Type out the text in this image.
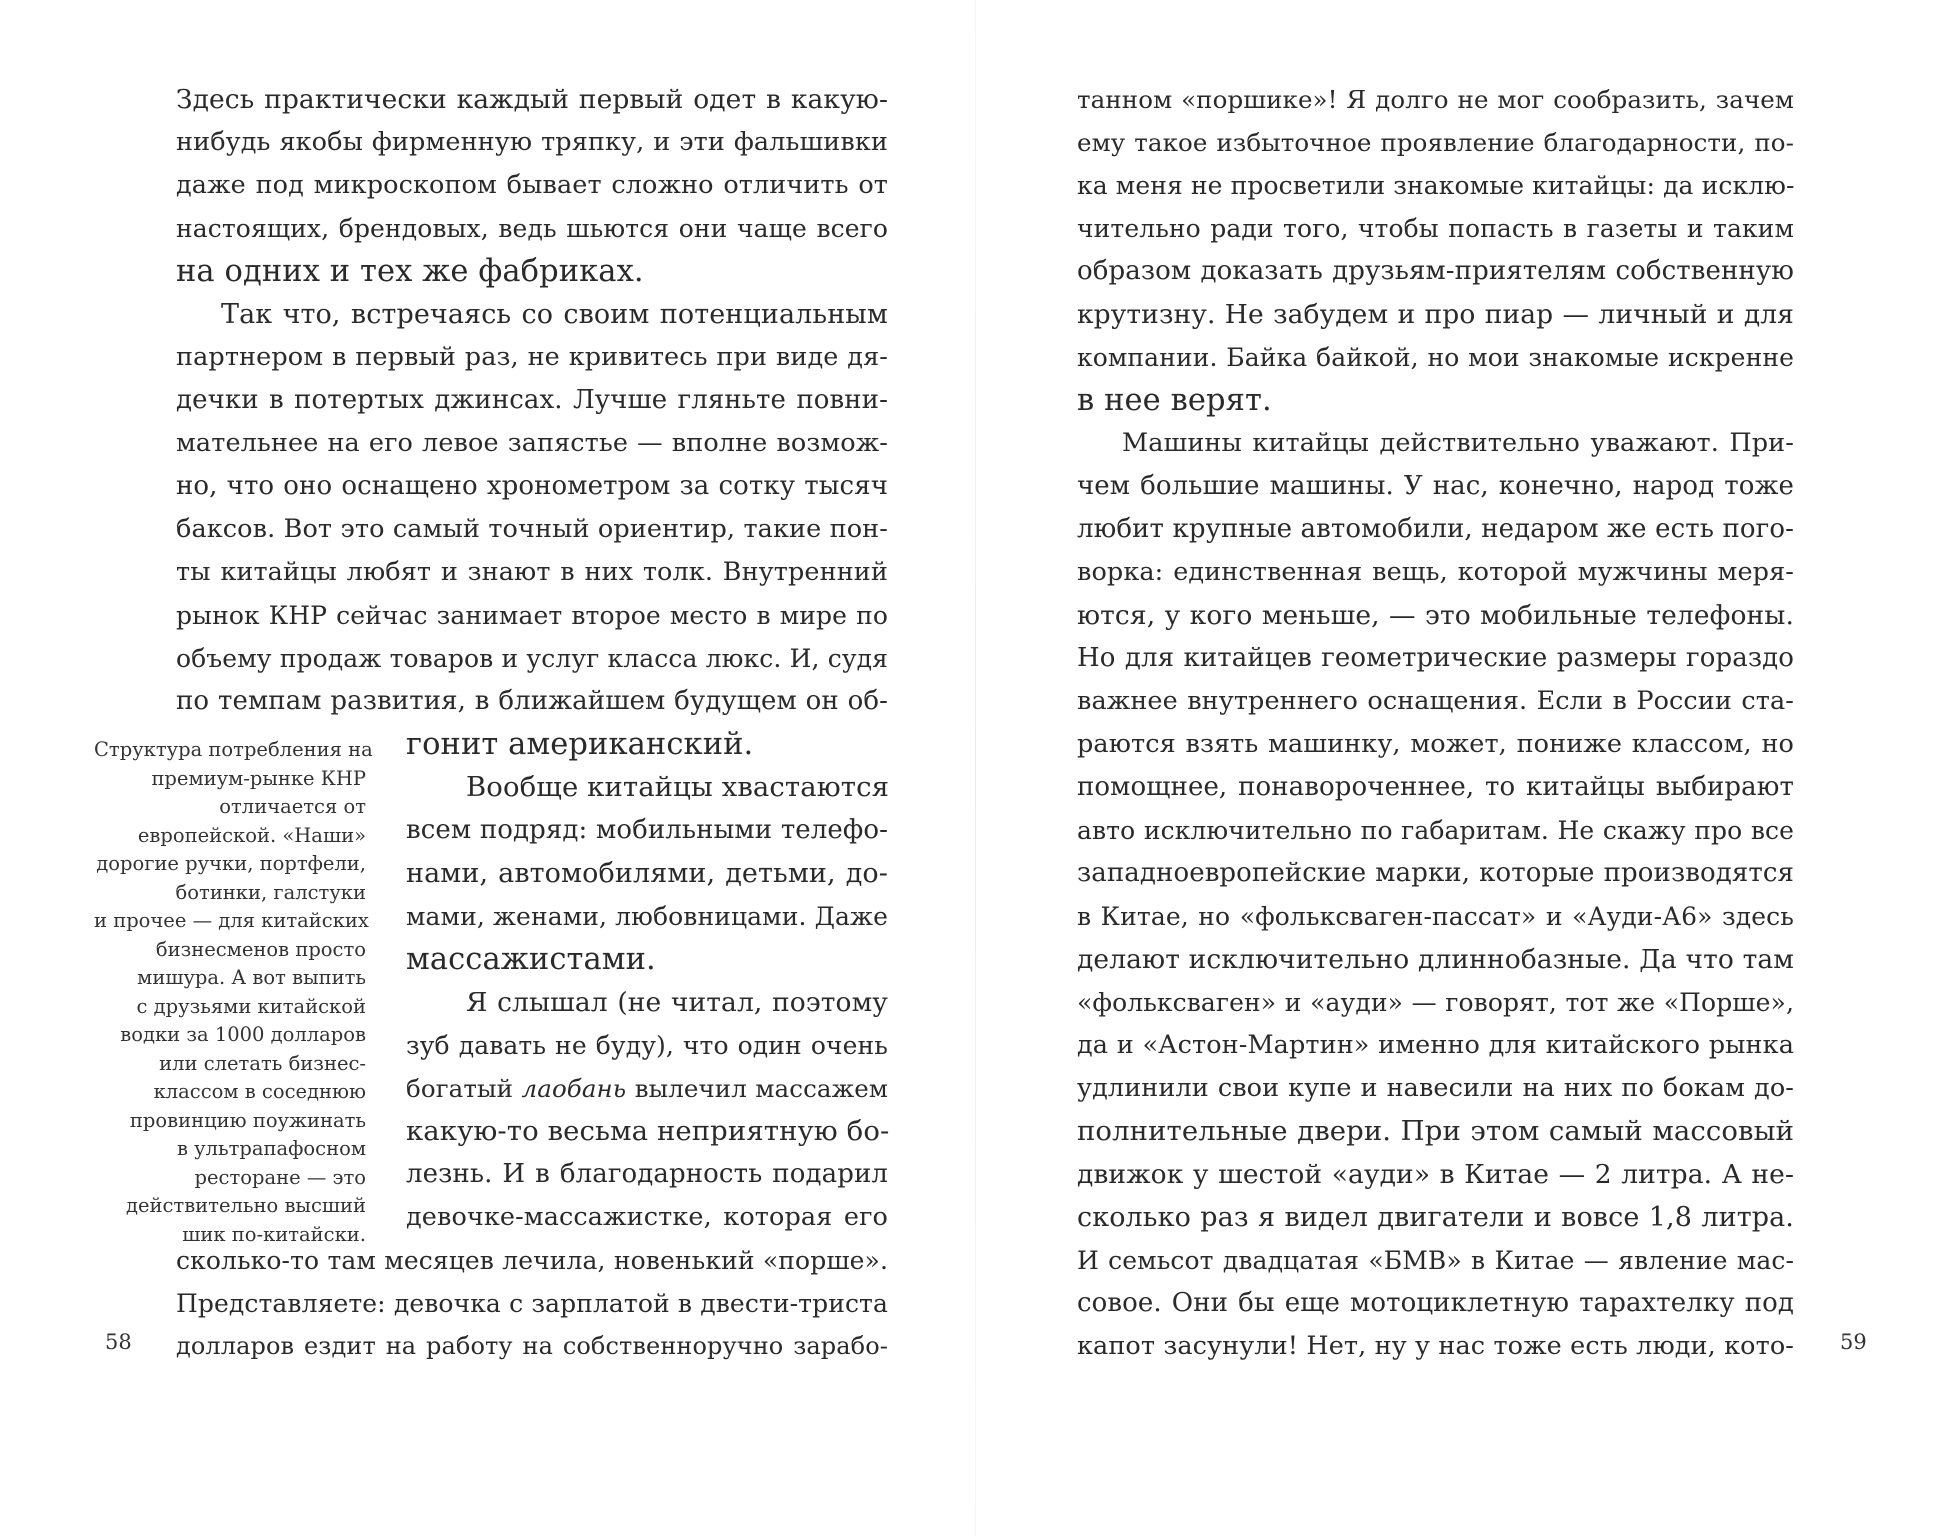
Здесь практически каждый первый одет в какую-
нибудь якобы фирменную тряпку, и эти фальшивки
даже под микроскопом бывает сложно отличить от
настоящих, брендовых, ведь шьются они чаще всего
на одних и тех же фабриках.
Так что, встречаясь со своим потенциальным
партнером в первый раз, не кривитесь при виде дя-
дечки в потертых джинсах. Лучше гляньте повни-
мательнее на его левое запястье — вполне возмож-
но, что оно оснащено хронометром за сотку тысяч
баксов. Вот это самый точный ориентир, такие пон-
ты китайцы любят и знают в них толк. Внутренний
рынок КНР сейчас занимает второе место в мире по
объему продаж товаров и услуг класса люкс. И, судя
по темпам развития, в ближайшем будущем он об-
гонит американский.
Вообще китайцы хвастаются
всем подряд: мобильными телефо-
нами, автомобилями, детьми, до-
мами, женами, любовницами. Даже
массажистами.
Я слышал (не читал, поэтому
зуб давать не буду), что один очень
богатый лаобань вылечил массажем
какую-то весьма неприятную бо-
лезнь. И в благодарность подарил
девочке-массажистке, которая его
сколько-то там месяцев лечила, новенький «порше».
Представляете: девочка с зарплатой в двести-триста
долларов ездит на работу на собственноручно зарабо-
Структура потребления на
премиум-рынке КНР
отличается от
европейской. «Наши»
дорогие ручки, портфели,
ботинки, галстуки
и прочее — для китайских
бизнесменов просто
мишура. А вот выпить
с друзьями китайской
водки за 1000 долларов
или слетать бизнес-
классом в соседнюю
провинцию поужинать
в ультрапафосном
ресторане — это
действительно высший
шик по-китайски.
58	59
танном «поршике»! Я долго не мог сообразить, зачем
ему такое избыточное проявление благодарности, по-
ка меня не просветили знакомые китайцы: да исклю-
чительно ради того, чтобы попасть в газеты и таким
образом доказать друзьям-приятелям собственную
крутизну. Не забудем и про пиар — личный и для
компании. Байка байкой, но мои знакомые искренне
в нее верят.
Машины китайцы действительно уважают. При-
чем большие машины. У нас, конечно, народ тоже
любит крупные автомобили, недаром же есть пого-
ворка: единственная вещь, которой мужчины меря-
ются, у кого меньше, — это мобильные телефоны.
Но для китайцев геометрические размеры гораздо
важнее внутреннего оснащения. Если в России ста-
раются взять машинку, может, пониже классом, но
помощнее, понавороченнее, то китайцы выбирают
авто исключительно по габаритам. Не скажу про все
западноевропейские марки, которые производятся
в Китае, но «фольксваген-пассат» и «Ауди-А6» здесь
делают исключительно длиннобазные. Да что там
«фольксваген» и «ауди» — говорят, тот же «Порше»,
да и «Астон-Мартин» именно для китайского рынка
удлинили свои купе и навесили на них по бокам до-
полнительные двери. При этом самый массовый
движок у шестой «ауди» в Китае — 2 литра. А не-
сколько раз я видел двигатели и вовсе 1,8 литра.
И семьсот двадцатая «БМВ» в Китае — явление мас-
совое. Они бы еще мотоциклетную тарахтелку под
капот засунули! Нет, ну у нас тоже есть люди, кото-
